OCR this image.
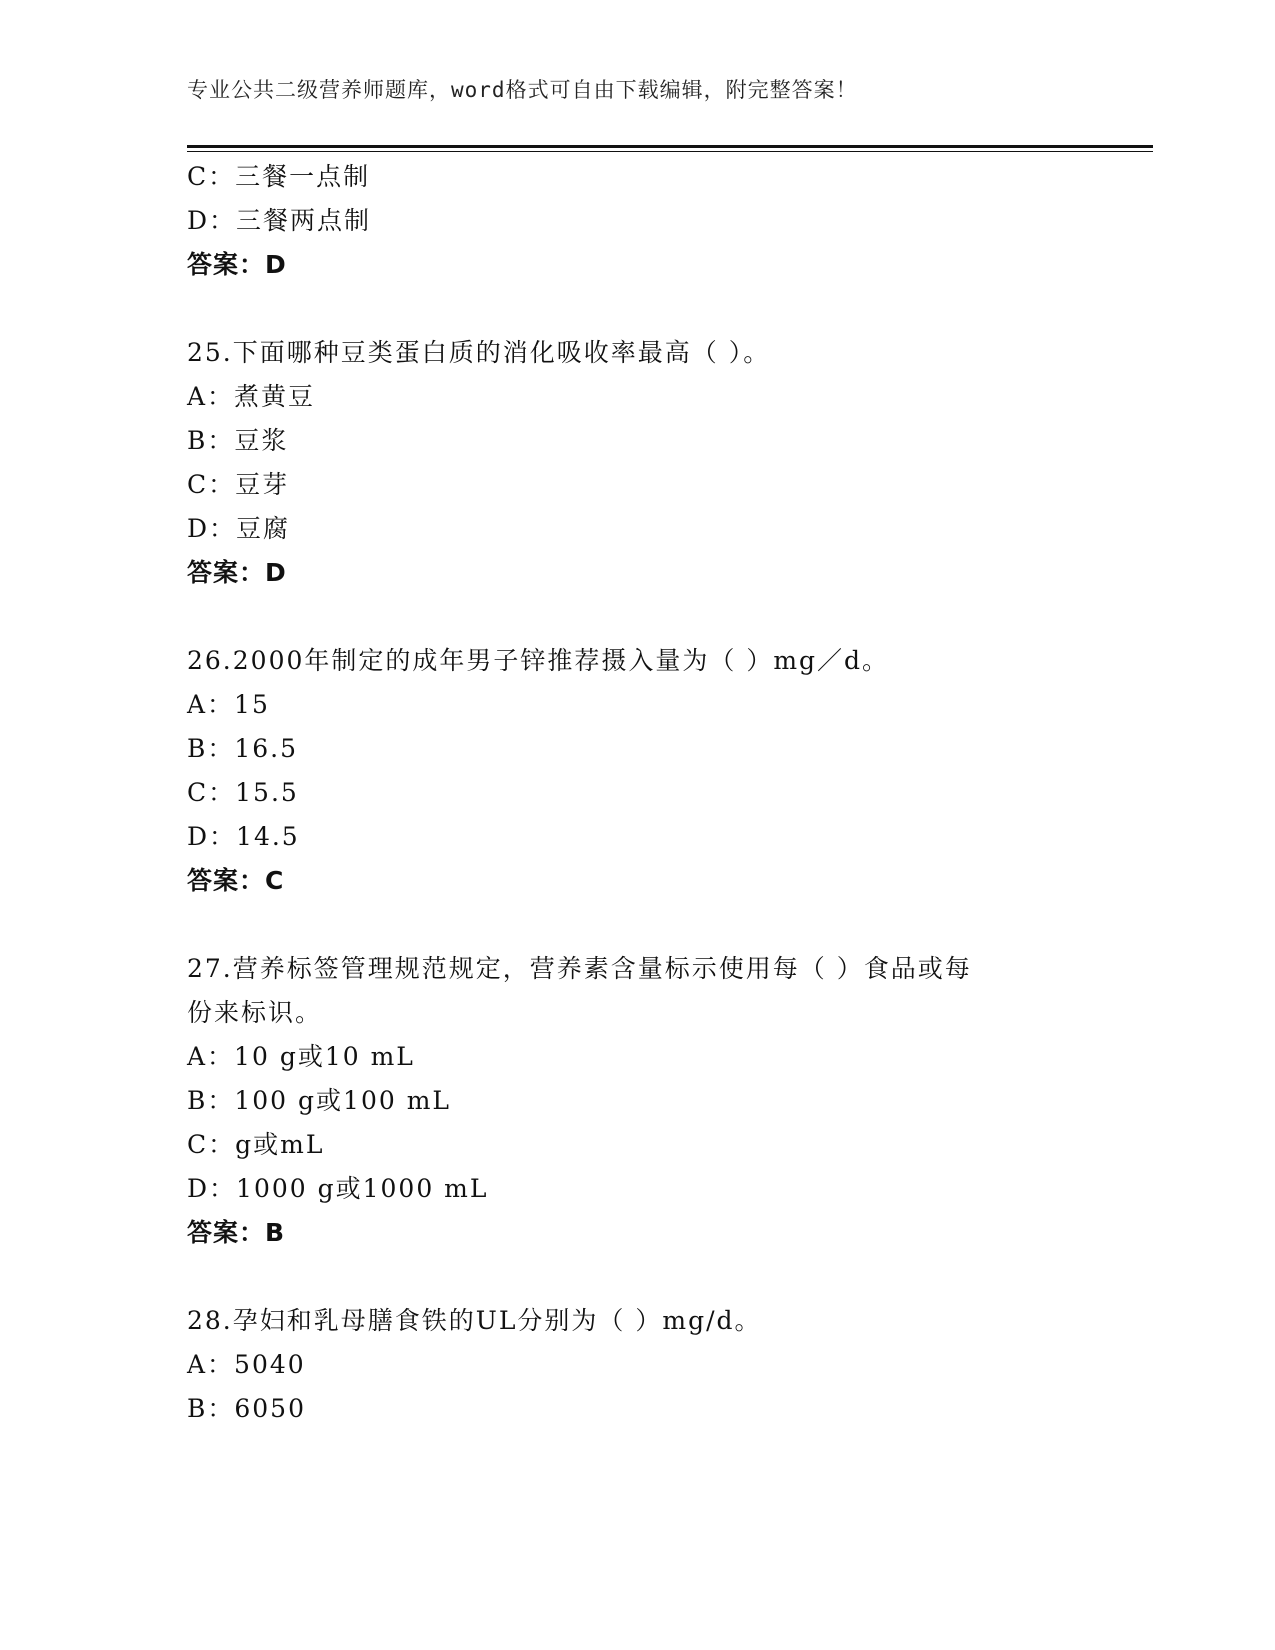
专业公共二级营养师题库，word格式可自由下载编辑，附完整答案！
C：三餐一点制
D：三餐两点制
答案：D
25.下面哪种豆类蛋白质的消化吸收率最高（ ）。
A：煮黄豆
B：豆浆
C：豆芽
D：豆腐
答案：D
26.2000年制定的成年男子锌推荐摄入量为（ ）mg／d。
A：15
B：16.5
C：15.5
D：14.5
答案：C
27.营养标签管理规范规定，营养素含量标示使用每（ ）食品或每
份来标识。
A：10 g或10 mL
B：100 g或100 mL
C：g或mL
D：1000 g或1000 mL
答案：B
28.孕妇和乳母膳食铁的UL分别为（ ）mg/d。
A：5040
B：6050
